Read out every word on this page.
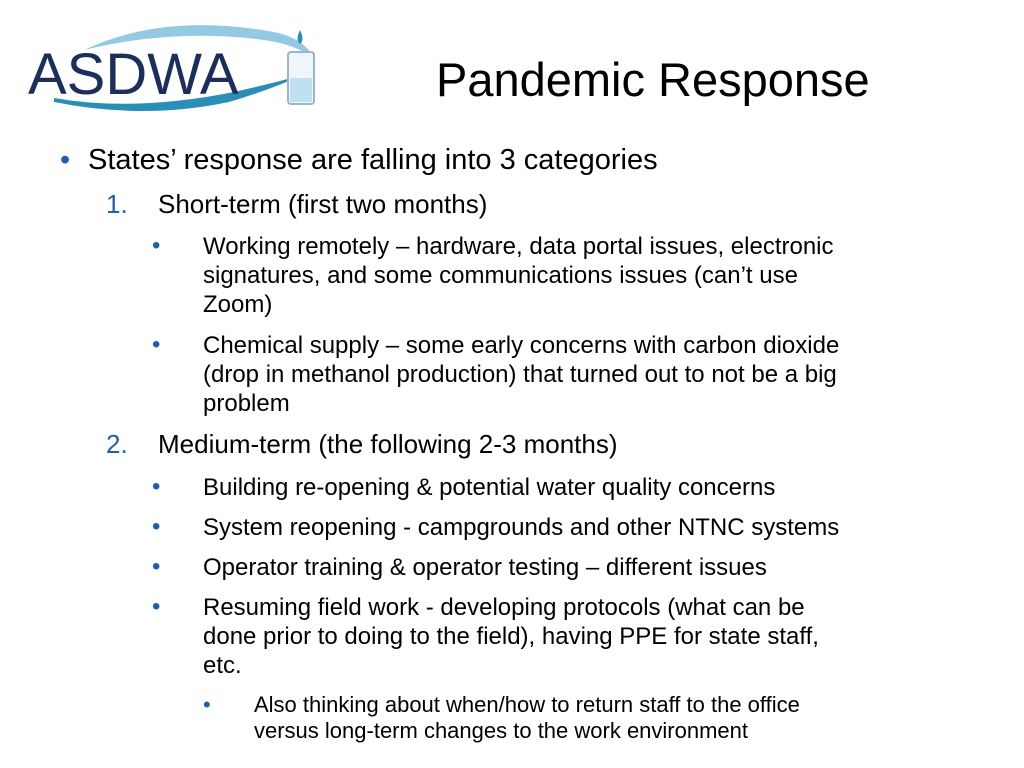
ASDWA	Pandemic Response
• States’ response are falling into 3 categories
1. Short-term (first two months)
• Working remotely – hardware, data portal issues, electronic
signatures, and some communications issues (can’t use
Zoom)
• Chemical supply – some early concerns with carbon dioxide
(drop in methanol production) that turned out to not be a big
problem
2. Medium-term (the following 2-3 months)
• Building re-opening & potential water quality concerns
• System reopening - campgrounds and other NTNC systems
• Operator training & operator testing – different issues
• Resuming field work - developing protocols (what can be
done prior to doing to the field), having PPE for state staff,
etc.
• Also thinking about when/how to return staff to the office
versus long-term changes to the work environment
